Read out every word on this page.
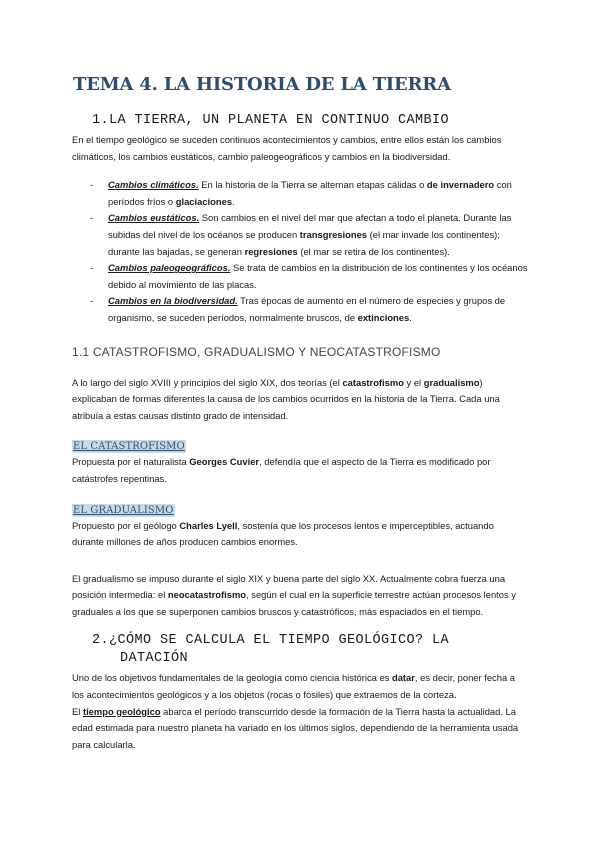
TEMA 4. LA HISTORIA DE LA TIERRA
1.LA TIERRA, UN PLANETA EN CONTINUO CAMBIO

En el tiempo geológico se suceden continuos acontecimientos y cambios, entre ellos están los cambios climáticos, los cambios eustáticos, cambio paleogeográficos y cambios en la biodiversidad.

- Cambios climáticos. En la historia de la Tierra se alternan etapas cálidas o de invernadero con períodos fríos o glaciaciones.
- Cambios eustáticos. Son cambios en el nivel del mar que afectan a todo el planeta. Durante las subidas del nivel de los océanos se producen transgresiones (el mar invade los continentes); durante las bajadas, se generan regresiones (el mar se retira de los continentes).
- Cambios paleogeográficos. Se trata de cambios en la distribución de los continentes y los océanos debido al movimiento de las placas.
- Cambios en la biodiversidad. Tras épocas de aumento en el número de especies y grupos de organismo, se suceden períodos, normalmente bruscos, de extinciones.
1.1 CATASTROFISMO, GRADUALISMO Y NEOCATASTROFISMO

A lo largo del siglo XVIII y principios del siglo XIX, dos teorías (el catastrofismo y el gradualismo) explicaban de formas diferentes la causa de los cambios ocurridos en la historia de la Tierra. Cada una atribuía a estas causas distinto grado de intensidad.

EL CATASTROFISMO

Propuesta por el naturalista Georges Cuvier, defendía que el aspecto de la Tierra es modificado por catástrofes repentinas.

EL GRADUALISMO

Propuesto por el geólogo Charles Lyell, sostenía que los procesos lentos e imperceptibles, actuando durante millones de años producen cambios enormes.

El gradualismo se impuso durante el siglo XIX y buena parte del siglo XX. Actualmente cobra fuerza una posición intermedia: el neocatastrofismo, según el cual en la superficie terrestre actúan procesos lentos y graduales a los que se superponen cambios bruscos y catastróficos, más espaciados en el tiempo.

2.¿CÓMO SE CALCULA EL TIEMPO GEOLÓGICO? LA
DATACIÓN

Uno de los objetivos fundamentales de la geología como ciencia histórica es datar, es decir, poner fecha a los acontecimientos geológicos y a los objetos (rocas o fósiles) que extraemos de la corteza.

El tiempo geológico abarca el período transcurrido desde la formación de la Tierra hasta la actualidad. La edad estimada para nuestro planeta ha variado en los últimos siglos, dependiendo de la herramienta usada para calcularla.
